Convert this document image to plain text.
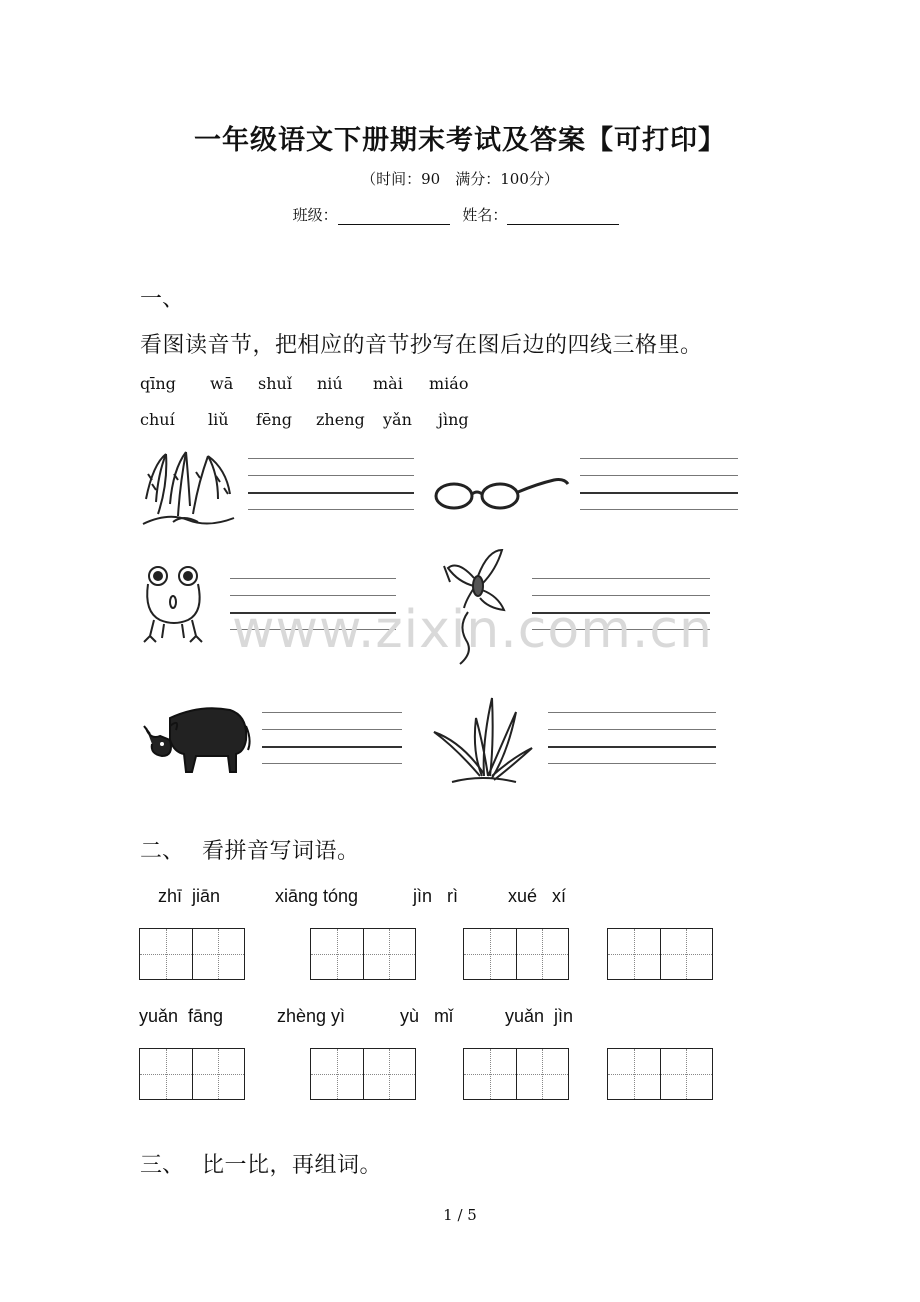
一年级语文下册期末考试及答案【可打印】
（时间：90　满分：100分）
班级：	姓名：
一、
看图读音节，把相应的音节抄写在图后边的四线三格里。
qīng wā shuǐ niú mài miáo
chuí liǔ fēng zheng yǎn jìng
www.zixin.com.cn
二、 看拼音写词语。
zhī  jiān	xiāng tóng	jìn   rì	xué   xí
yuǎn  fāng	zhèng yì	yù   mǐ	yuǎn  jìn
三、 比一比，再组词。
1 / 5
